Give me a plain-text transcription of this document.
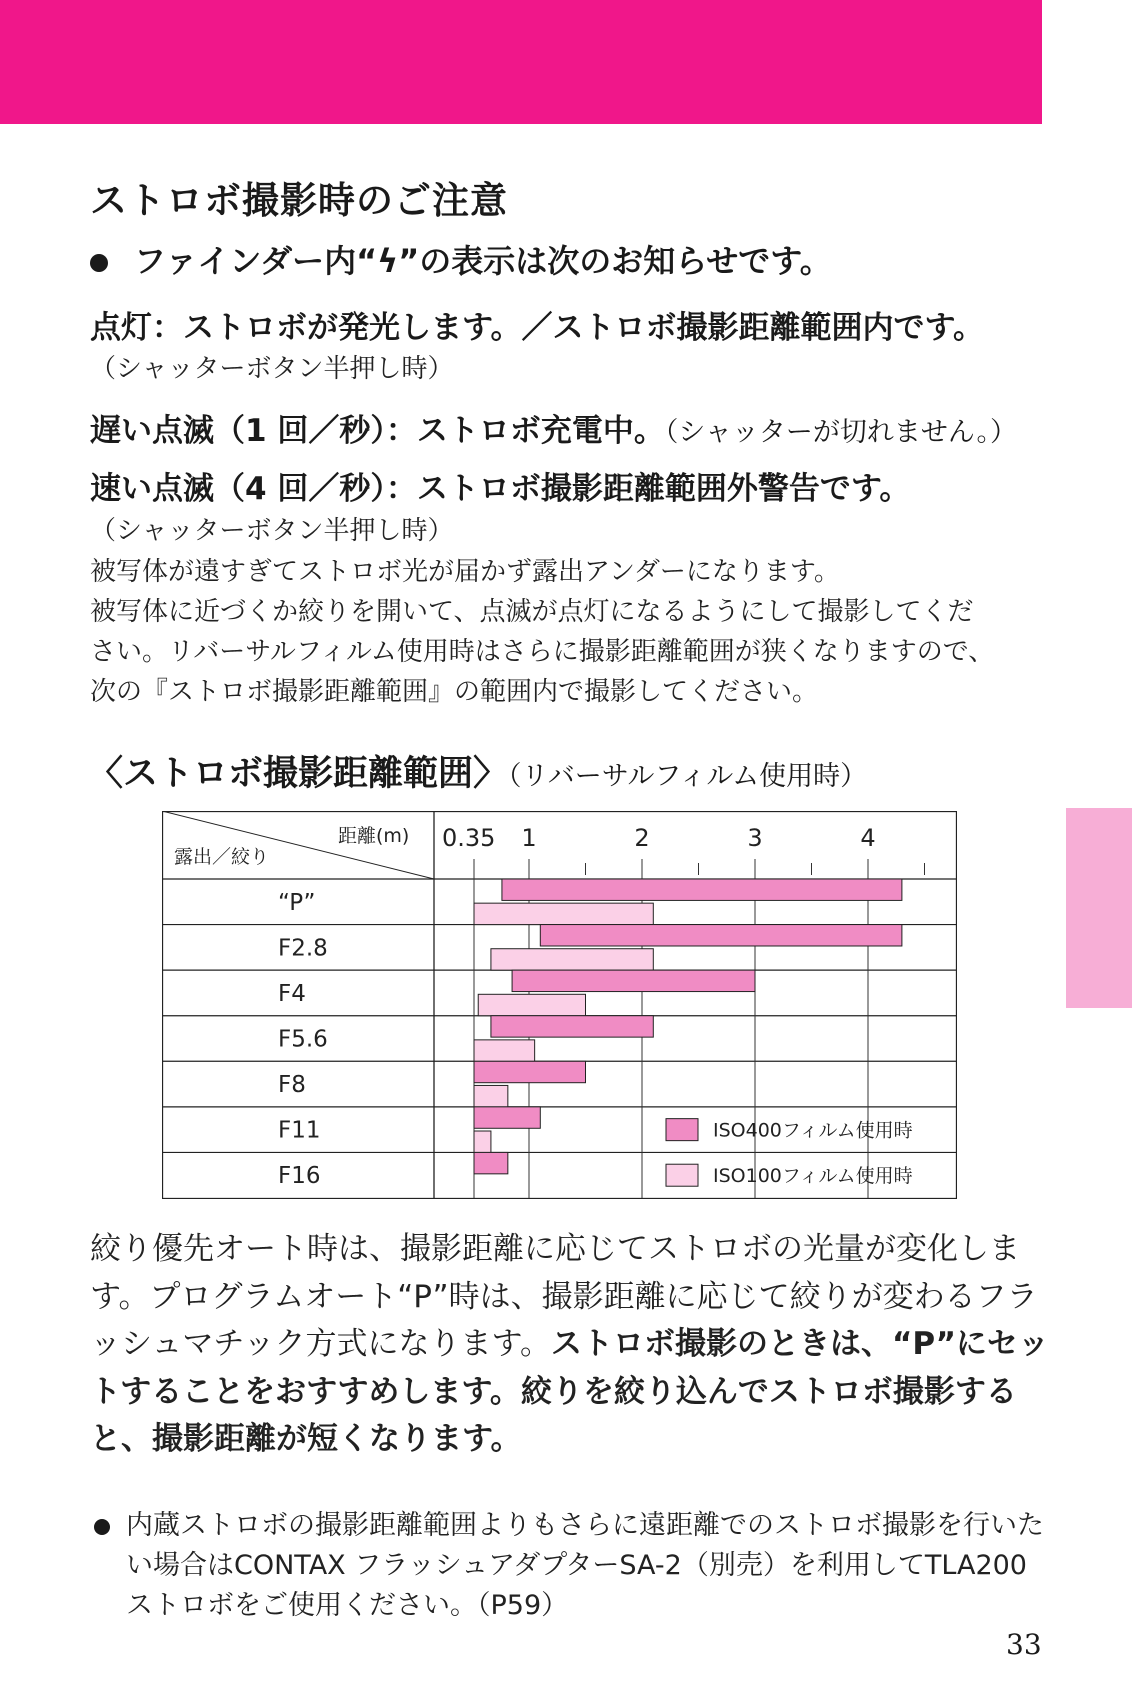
ストロボ撮影時のご注意
ファインダー内“ϟ”の表示は次のお知らせです。
点灯：ストロボが発光します。／ストロボ撮影距離範囲内です。
（シャッターボタン半押し時）
遅い点滅（1 回／秒）：ストロボ充電中。（シャッターが切れません。）
速い点滅（4 回／秒）：ストロボ撮影距離範囲外警告です。
（シャッターボタン半押し時）
被写体が遠すぎてストロボ光が届かず露出アンダーになります。
被写体に近づくか絞りを開いて、点滅が点灯になるようにして撮影してくだ
さい。リバーサルフィルム使用時はさらに撮影距離範囲が狭くなりますので、
次の『ストロボ撮影距離範囲』の範囲内で撮影してください。
〈ストロボ撮影距離範囲〉（リバーサルフィルム使用時）
距離(m)
露出／絞り
0.35 1	2	3	4
“P”
F2.8
F4
F5.6
F8
F11
F16
ISO400フィルム使用時
ISO100フィルム使用時
絞り優先オート時は、撮影距離に応じてストロボの光量が変化します。プログラムオート“P”時は、撮影距離に応じて絞りが変わるフラッシュマチック方式になります。ストロボ撮影のときは、“P”にセットすることをおすすめします。絞りを絞り込んでストロボ撮影すると、撮影距離が短くなります。
内蔵ストロボの撮影距離範囲よりもさらに遠距離でのストロボ撮影を行いたい場合はCONTAX フラッシュアダプターSA-2（別売）を利用してTLA200ストロボをご使用ください。（P59）
33
